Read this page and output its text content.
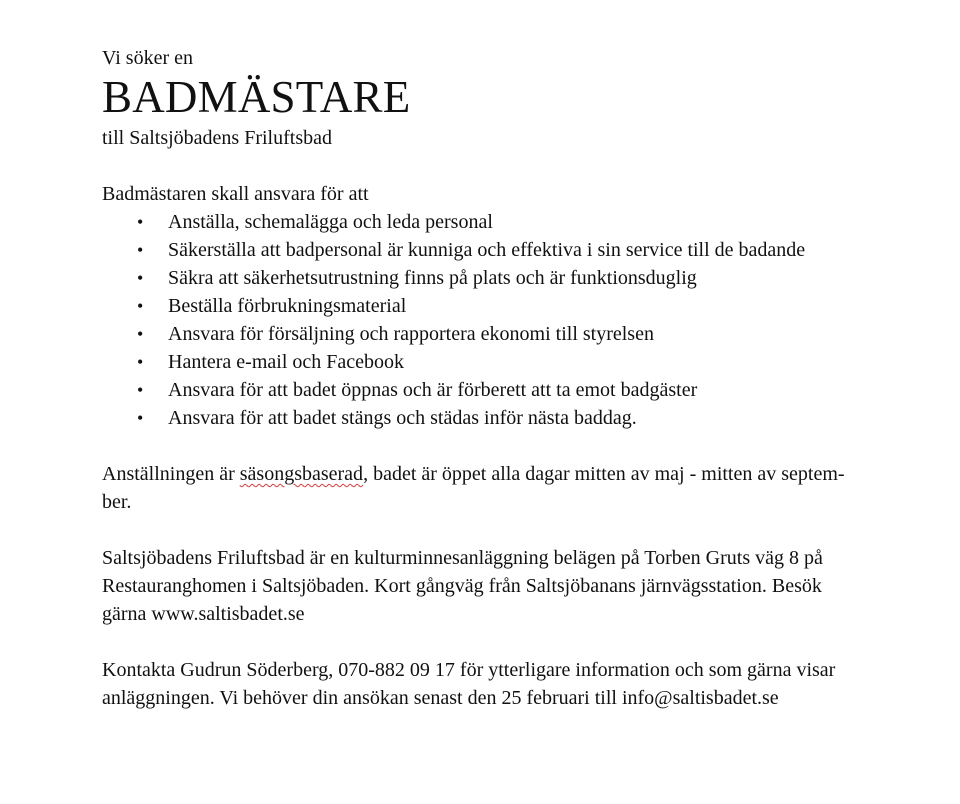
Vi söker en

BADMÄSTARE

till Saltsjöbadens Friluftsbad

Badmästaren skall ansvara för att

• Anställa, schemalägga och leda personal
• Säkerställa att badpersonal är kunniga och effektiva i sin service till de badande
• Säkra att säkerhetsutrustning finns på plats och är funktionsduglig
• Beställa förbrukningsmaterial
• Ansvara för försäljning och rapportera ekonomi till styrelsen
• Hantera e-mail och Facebook
• Ansvara för att badet öppnas och är förberett att ta emot badgäster
• Ansvara för att badet stängs och städas inför nästa baddag.

Anställningen är säsongsbaserad, badet är öppet alla dagar mitten av maj - mitten av septem-
ber.

Saltsjöbadens Friluftsbad är en kulturminnesanläggning belägen på Torben Gruts väg 8 på
Restauranghomen i Saltsjöbaden. Kort gångväg från Saltsjöbanans järnvägsstation. Besök
gärna www.saltisbadet.se

Kontakta Gudrun Söderberg, 070-882 09 17 för ytterligare information och som gärna visar
anläggningen. Vi behöver din ansökan senast den 25 februari till info@saltisbadet.se
